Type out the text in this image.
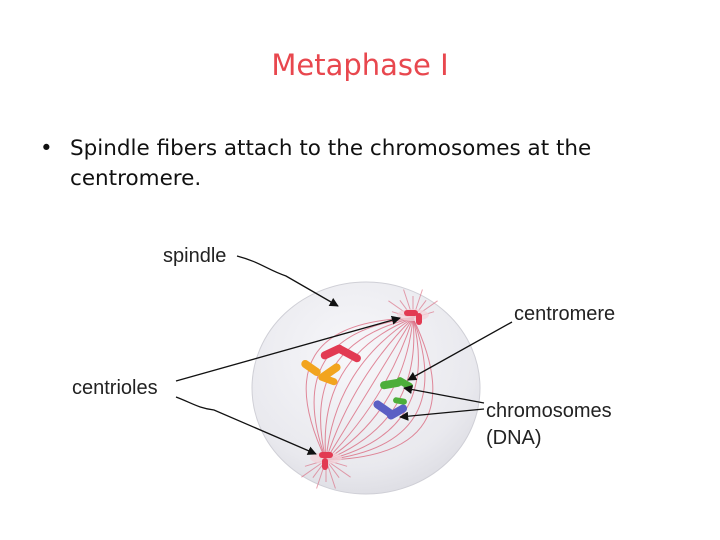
Metaphase I
• Spindle fibers attach to the chromosomes at the centromere.
spindle
centromere
centrioles
chromosomes
(DNA)
